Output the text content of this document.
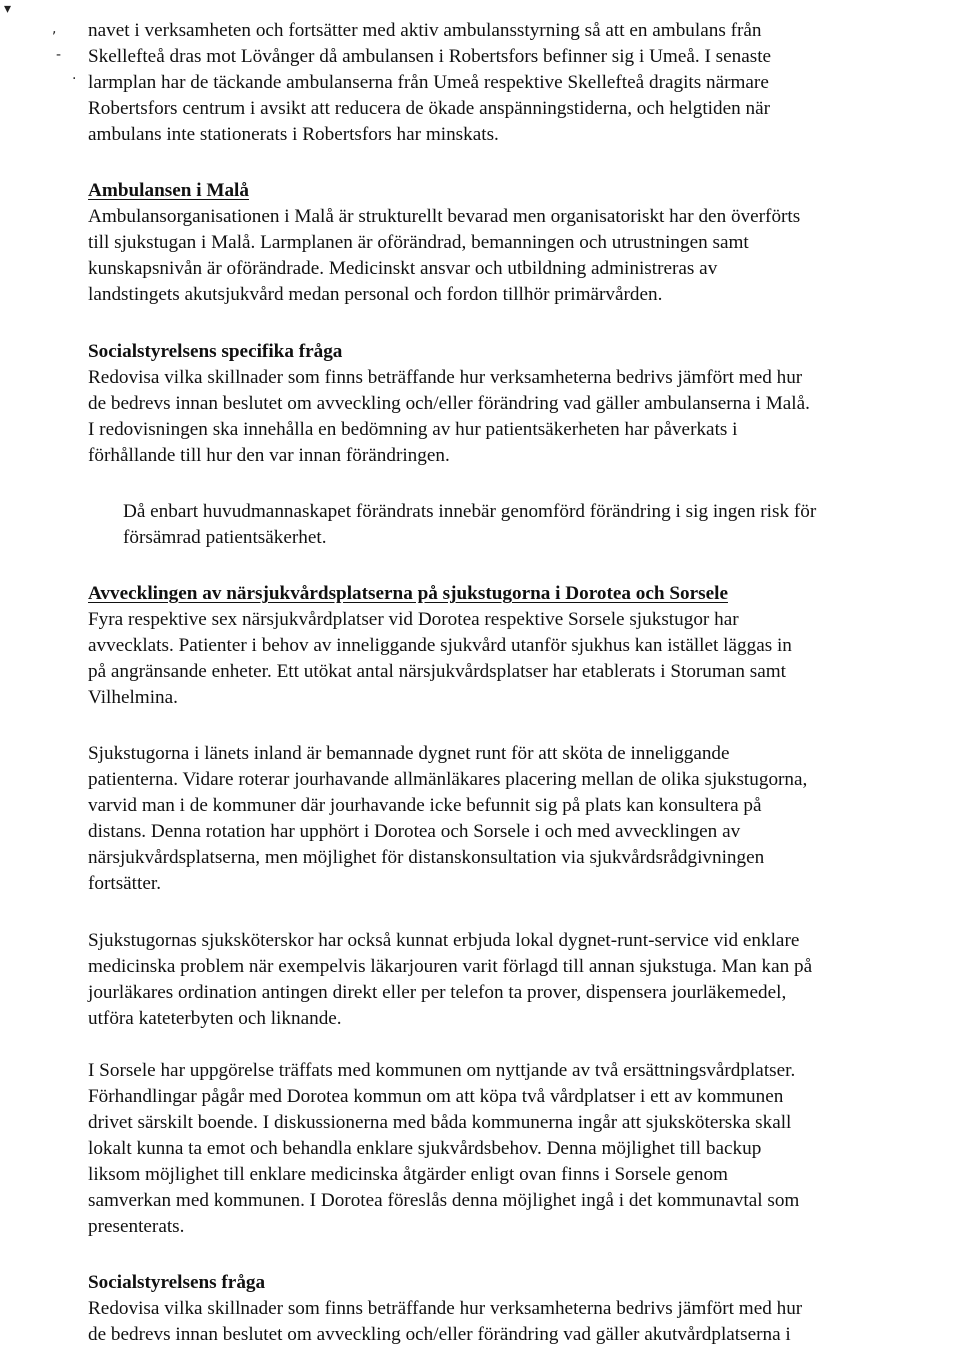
▾
,
-
·
navet i verksamheten och fortsätter med aktiv ambulansstyrning så att en ambulans från
Skellefteå dras mot Lövånger då ambulansen i Robertsfors befinner sig i Umeå. I senaste
larmplan har de täckande ambulanserna från Umeå respektive Skellefteå dragits närmare
Robertsfors centrum i avsikt att reducera de ökade anspänningstiderna, och helgtiden när
ambulans inte stationerats i Robertsfors har minskats.
Ambulansen i Malå
Ambulansorganisationen i Malå är strukturellt bevarad men organisatoriskt har den överförts
till sjukstugan i Malå. Larmplanen är oförändrad, bemanningen och utrustningen samt
kunskapsnivån är oförändrade. Medicinskt ansvar och utbildning administreras av
landstingets akutsjukvård medan personal och fordon tillhör primärvården.
Socialstyrelsens specifika fråga
Redovisa vilka skillnader som finns beträffande hur verksamheterna bedrivs jämfört med hur
de bedrevs innan beslutet om avveckling och/eller förändring vad gäller ambulanserna i Malå.
I redovisningen ska innehålla en bedömning av hur patientsäkerheten har påverkats i
förhållande till hur den var innan förändringen.
Då enbart huvudmannaskapet förändrats innebär genomförd förändring i sig ingen risk för
försämrad patientsäkerhet.
Avvecklingen av närsjukvårdsplatserna på sjukstugorna i Dorotea och Sorsele
Fyra respektive sex närsjukvårdplatser vid Dorotea respektive Sorsele sjukstugor har
avvecklats. Patienter i behov av inneliggande sjukvård utanför sjukhus kan istället läggas in
på angränsande enheter. Ett utökat antal närsjukvårdsplatser har etablerats i Storuman samt
Vilhelmina.
Sjukstugorna i länets inland är bemannade dygnet runt för att sköta de inneliggande
patienterna. Vidare roterar jourhavande allmänläkares placering mellan de olika sjukstugorna,
varvid man i de kommuner där jourhavande icke befunnit sig på plats kan konsultera på
distans. Denna rotation har upphört i Dorotea och Sorsele i och med avvecklingen av
närsjukvårdsplatserna, men möjlighet för distanskonsultation via sjukvårdsrådgivningen
fortsätter.
Sjukstugornas sjuksköterskor har också kunnat erbjuda lokal dygnet-runt-service vid enklare
medicinska problem när exempelvis läkarjouren varit förlagd till annan sjukstuga. Man kan på
jourläkares ordination antingen direkt eller per telefon ta prover, dispensera jourläkemedel,
utföra kateterbyten och liknande.
I Sorsele har uppgörelse träffats med kommunen om nyttjande av två ersättningsvårdplatser.
Förhandlingar pågår med Dorotea kommun om att köpa två vårdplatser i ett av kommunen
drivet särskilt boende. I diskussionerna med båda kommunerna ingår att sjuksköterska skall
lokalt kunna ta emot och behandla enklare sjukvårdsbehov. Denna möjlighet till backup
liksom möjlighet till enklare medicinska åtgärder enligt ovan finns i Sorsele genom
samverkan med kommunen. I Dorotea föreslås denna möjlighet ingå i det kommunavtal som
presenterats.
Socialstyrelsens fråga
Redovisa vilka skillnader som finns beträffande hur verksamheterna bedrivs jämfört med hur
de bedrevs innan beslutet om avveckling och/eller förändring vad gäller akutvårdplatserna i
